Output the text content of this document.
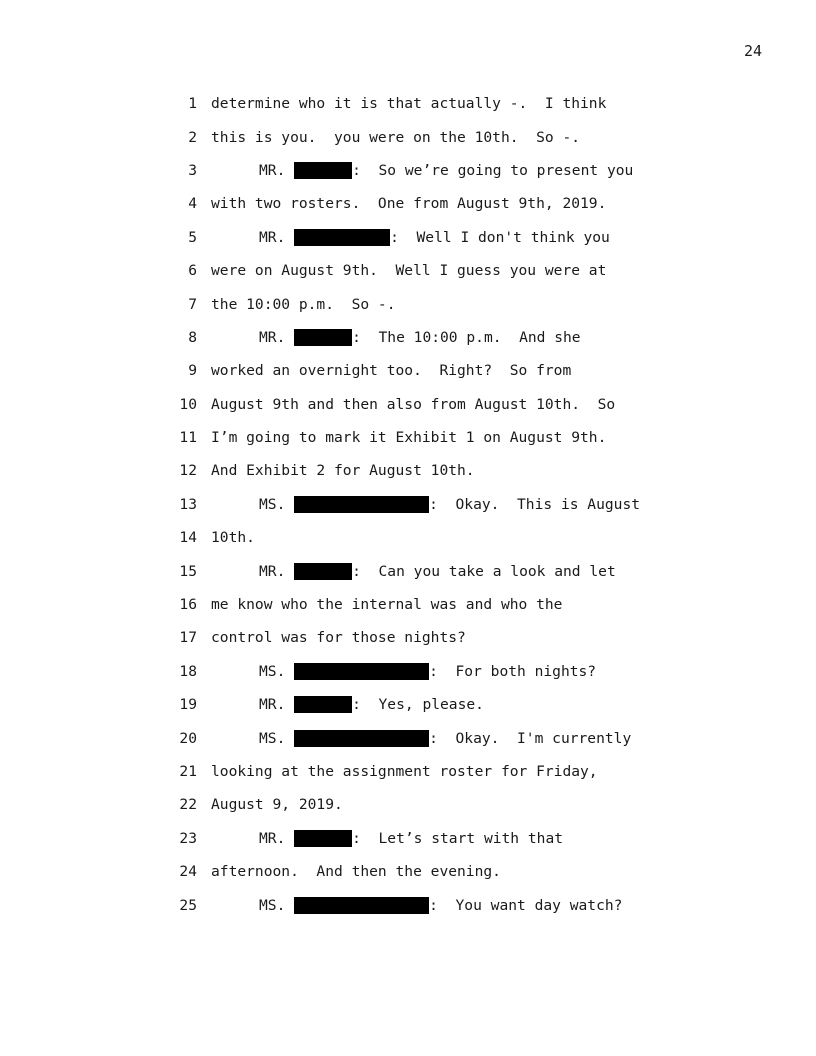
24
1 determine who it is that actually -.  I think
2 this is you.  you were on the 10th.  So -.
3	MR.	:  So we’re going to present you
4 with two rosters.  One from August 9th, 2019.
5	MR.	:  Well I don't think you
6 were on August 9th.  Well I guess you were at
7 the 10:00 p.m.  So -.
8	MR.	:  The 10:00 p.m.  And she
9 worked an overnight too.  Right?  So from
10 August 9th and then also from August 10th.  So
11 I’m going to mark it Exhibit 1 on August 9th.
12 And Exhibit 2 for August 10th.
13	MS.	:  Okay.  This is August
14 10th.
15	MR.	:  Can you take a look and let
16 me know who the internal was and who the
17 control was for those nights?
18	MS.	:  For both nights?
19	MR.	:  Yes, please.
20	MS.	:  Okay.  I'm currently
21 looking at the assignment roster for Friday,
22 August 9, 2019.
23	MR.	:  Let’s start with that
24 afternoon.  And then the evening.
25	MS.	:  You want day watch?
